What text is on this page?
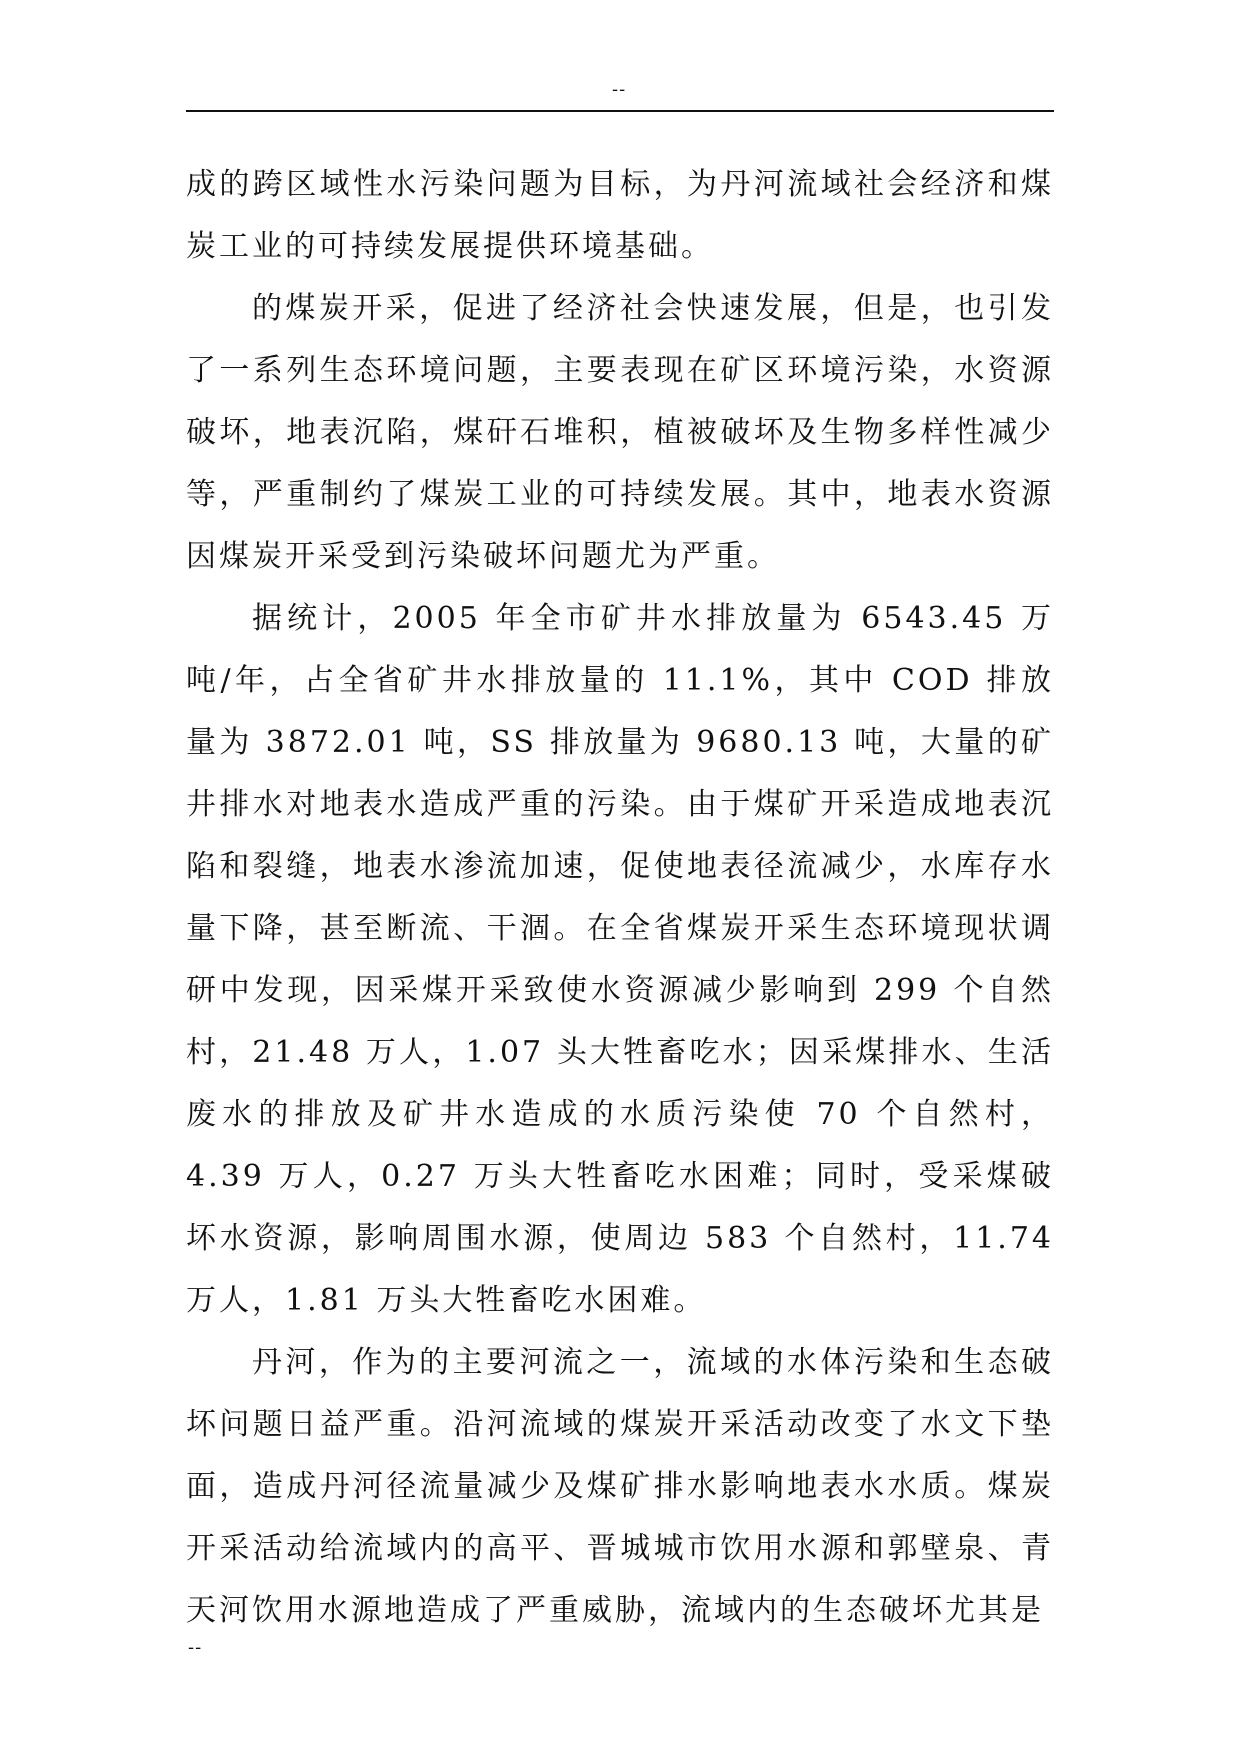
--

成的跨区域性水污染问题为目标，为丹河流域社会经济和煤炭工业的可持续发展提供环境基础。

的煤炭开采，促进了经济社会快速发展，但是，也引发了一系列生态环境问题，主要表现在矿区环境污染，水资源破坏，地表沉陷，煤矸石堆积，植被破坏及生物多样性减少等，严重制约了煤炭工业的可持续发展。其中，地表水资源因煤炭开采受到污染破坏问题尤为严重。

据统计，2005 年全市矿井水排放量为 6543.45 万吨/年，占全省矿井水排放量的 11.1%，其中 COD 排放量为 3872.01 吨，SS 排放量为 9680.13 吨，大量的矿井排水对地表水造成严重的污染。由于煤矿开采造成地表沉陷和裂缝，地表水渗流加速，促使地表径流减少，水库存水量下降，甚至断流、干涸。在全省煤炭开采生态环境现状调研中发现，因采煤开采致使水资源减少影响到 299 个自然村，21.48 万人，1.07 头大牲畜吃水；因采煤排水、生活废水的排放及矿井水造成的水质污染使 70 个自然村，4.39 万人，0.27 万头大牲畜吃水困难；同时，受采煤破坏水资源，影响周围水源，使周边 583 个自然村，11.74 万人，1.81 万头大牲畜吃水困难。

丹河，作为的主要河流之一，流域的水体污染和生态破坏问题日益严重。沿河流域的煤炭开采活动改变了水文下垫面，造成丹河径流量减少及煤矿排水影响地表水水质。煤炭开采活动给流域内的高平、晋城城市饮用水源和郭壁泉、青天河饮用水源地造成了严重威胁，流域内的生态破坏尤其是

--
